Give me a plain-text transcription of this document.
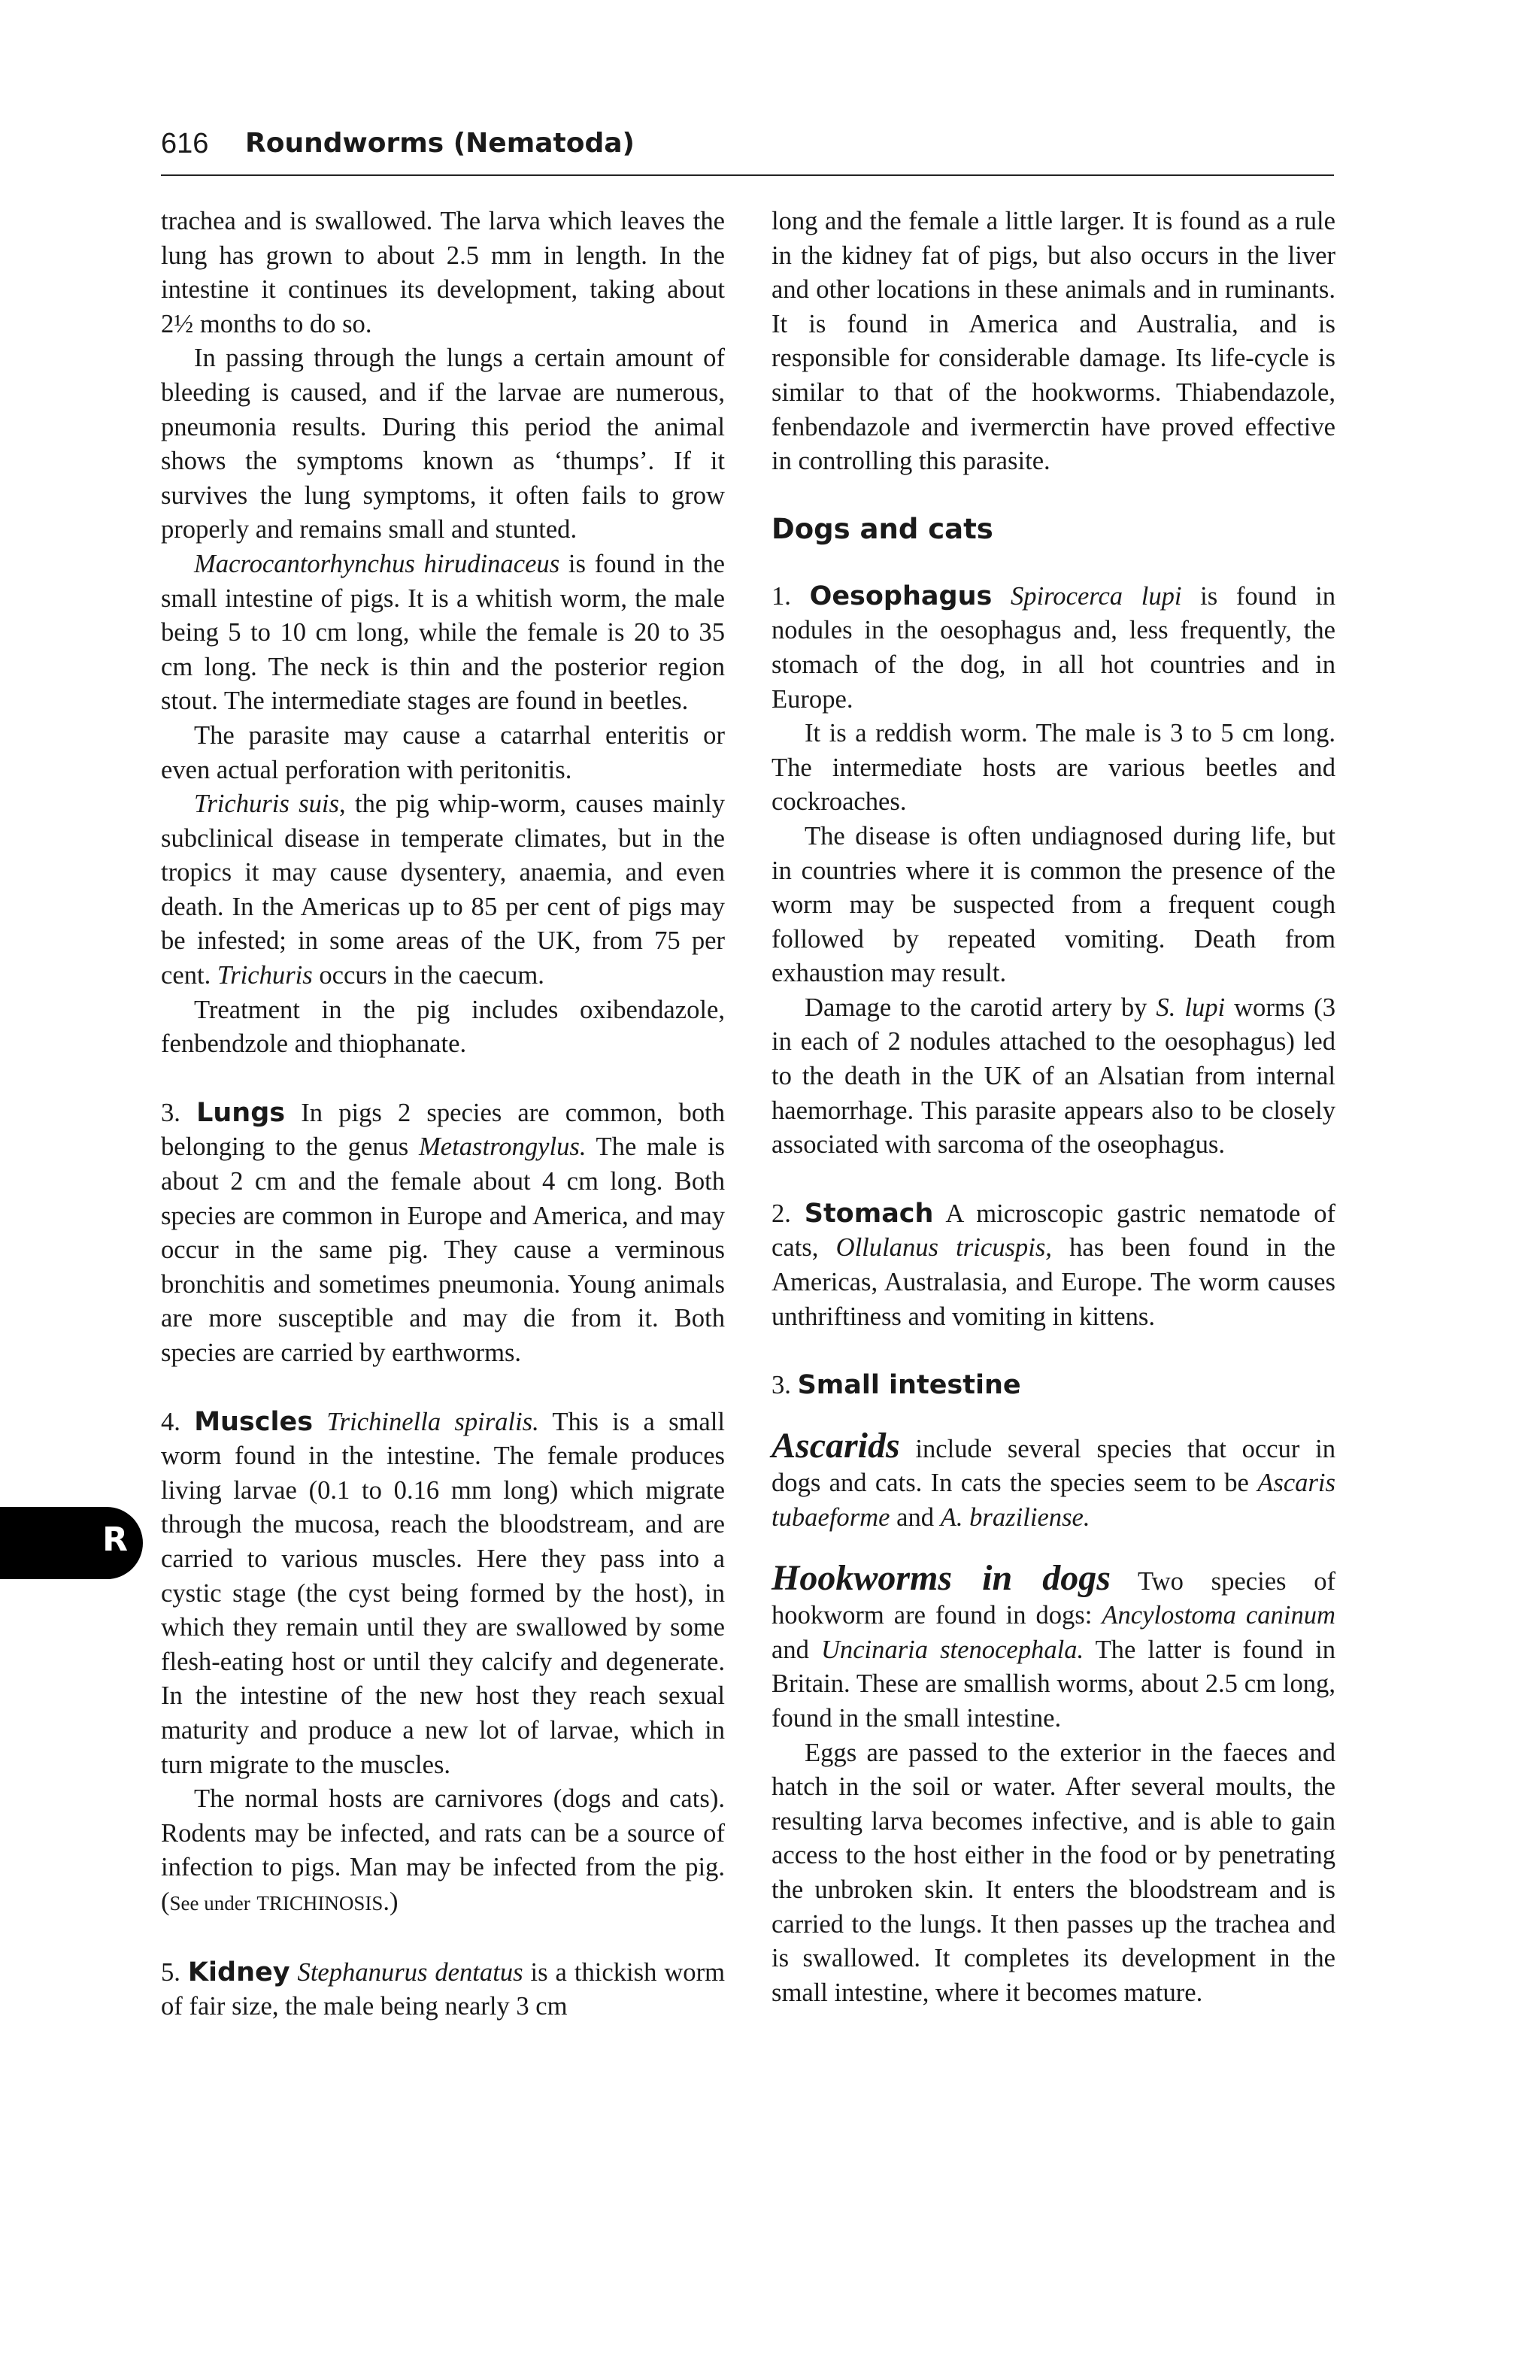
616 Roundworms (Nematoda)
R

trachea and is swallowed. The larva which leaves the lung has grown to about 2.5 mm in length. In the intestine it continues its development, taking about 2½ months to do so.

In passing through the lungs a certain amount of bleeding is caused, and if the larvae are numerous, pneumonia results. During this period the animal shows the symptoms known as ‘thumps’. If it survives the lung symptoms, it often fails to grow properly and remains small and stunted.

Macrocantorhynchus hirudinaceus is found in the small intestine of pigs. It is a whitish worm, the male being 5 to 10 cm long, while the female is 20 to 35 cm long. The neck is thin and the posterior region stout. The intermediate stages are found in beetles.

The parasite may cause a catarrhal enteritis or even actual perforation with peritonitis.

Trichuris suis, the pig whip-worm, causes mainly subclinical disease in temperate climates, but in the tropics it may cause dysentery, anaemia, and even death. In the Americas up to 85 per cent of pigs may be infested; in some areas of the UK, from 75 per cent. Trichuris occurs in the caecum.

Treatment in the pig includes oxibendazole, fenbendzole and thiophanate.

3. Lungs In pigs 2 species are common, both belonging to the genus Metastrongylus. The male is about 2 cm and the female about 4 cm long. Both species are common in Europe and America, and may occur in the same pig. They cause a verminous bronchitis and sometimes pneumonia. Young animals are more susceptible and may die from it. Both species are carried by earthworms.

4. Muscles Trichinella spiralis. This is a small worm found in the intestine. The female produces living larvae (0.1 to 0.16 mm long) which migrate through the mucosa, reach the bloodstream, and are carried to various muscles. Here they pass into a cystic stage (the cyst being formed by the host), in which they remain until they are swallowed by some flesh-eating host or until they calcify and degenerate. In the intestine of the new host they reach sexual maturity and produce a new lot of larvae, which in turn migrate to the muscles.

The normal hosts are carnivores (dogs and cats). Rodents may be infected, and rats can be a source of infection to pigs. Man may be infected from the pig. (See under TRICHINOSIS.)

5. Kidney Stephanurus dentatus is a thickish worm of fair size, the male being nearly 3 cm

long and the female a little larger. It is found as a rule in the kidney fat of pigs, but also occurs in the liver and other locations in these animals and in ruminants. It is found in America and Australia, and is responsible for considerable damage. Its life-cycle is similar to that of the hookworms. Thiabendazole, fenbendazole and ivermerctin have proved effective in controlling this parasite.

Dogs and cats

1. Oesophagus Spirocerca lupi is found in nodules in the oesophagus and, less frequently, the stomach of the dog, in all hot countries and in Europe.

It is a reddish worm. The male is 3 to 5 cm long. The intermediate hosts are various beetles and cockroaches.

The disease is often undiagnosed during life, but in countries where it is common the presence of the worm may be suspected from a frequent cough followed by repeated vomiting. Death from exhaustion may result.

Damage to the carotid artery by S. lupi worms (3 in each of 2 nodules attached to the oesophagus) led to the death in the UK of an Alsatian from internal haemorrhage. This parasite appears also to be closely associated with sarcoma of the oseophagus.

2. Stomach A microscopic gastric nematode of cats, Ollulanus tricuspis, has been found in the Americas, Australasia, and Europe. The worm causes unthriftiness and vomiting in kittens.

3. Small intestine

Ascarids include several species that occur in dogs and cats. In cats the species seem to be Ascaris tubaeforme and A. braziliense.

Hookworms in dogs Two species of hookworm are found in dogs: Ancylostoma caninum and Uncinaria stenocephala. The latter is found in Britain. These are smallish worms, about 2.5 cm long, found in the small intestine.

Eggs are passed to the exterior in the faeces and hatch in the soil or water. After several moults, the resulting larva becomes infective, and is able to gain access to the host either in the food or by penetrating the unbroken skin. It enters the bloodstream and is carried to the lungs. It then passes up the trachea and is swallowed. It completes its development in the small intestine, where it becomes mature.
